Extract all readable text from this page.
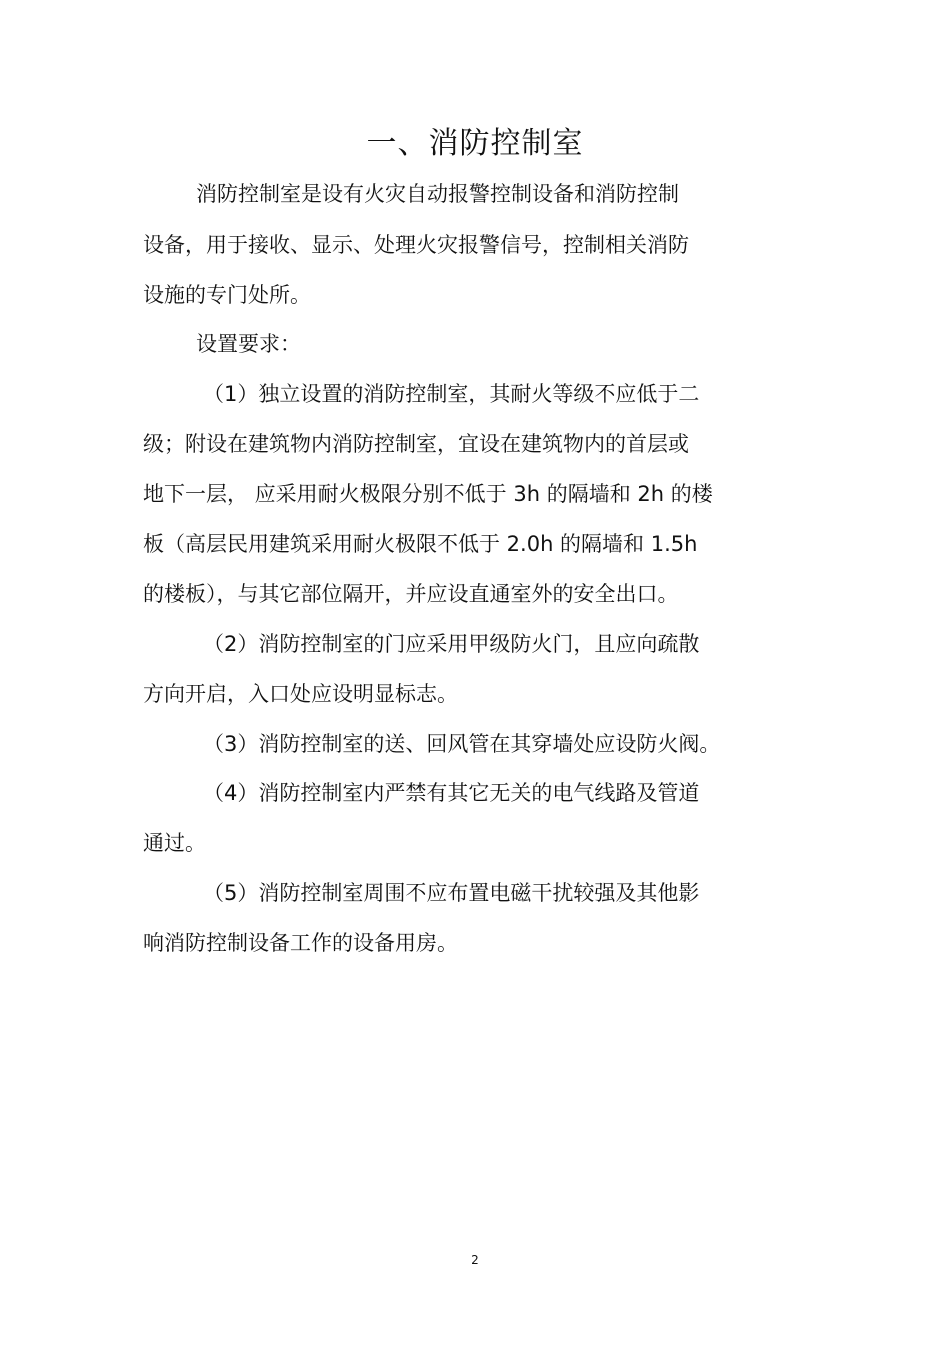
一、消防控制室
消防控制室是设有火灾自动报警控制设备和消防控制
设备，用于接收、显示、处理火灾报警信号，控制相关消防
设施的专门处所。
设置要求：
（1）独立设置的消防控制室，其耐火等级不应低于二
级；附设在建筑物内消防控制室，宜设在建筑物内的首层或
地下一层， 应采用耐火极限分别不低于 3h 的隔墙和 2h 的楼
板（高层民用建筑采用耐火极限不低于 2.0h 的隔墙和 1.5h
的楼板），与其它部位隔开，并应设直通室外的安全出口。
（2）消防控制室的门应采用甲级防火门，且应向疏散
方向开启，入口处应设明显标志。
（3）消防控制室的送、回风管在其穿墙处应设防火阀。
（4）消防控制室内严禁有其它无关的电气线路及管道
通过。
（5）消防控制室周围不应布置电磁干扰较强及其他影
响消防控制设备工作的设备用房。
2
